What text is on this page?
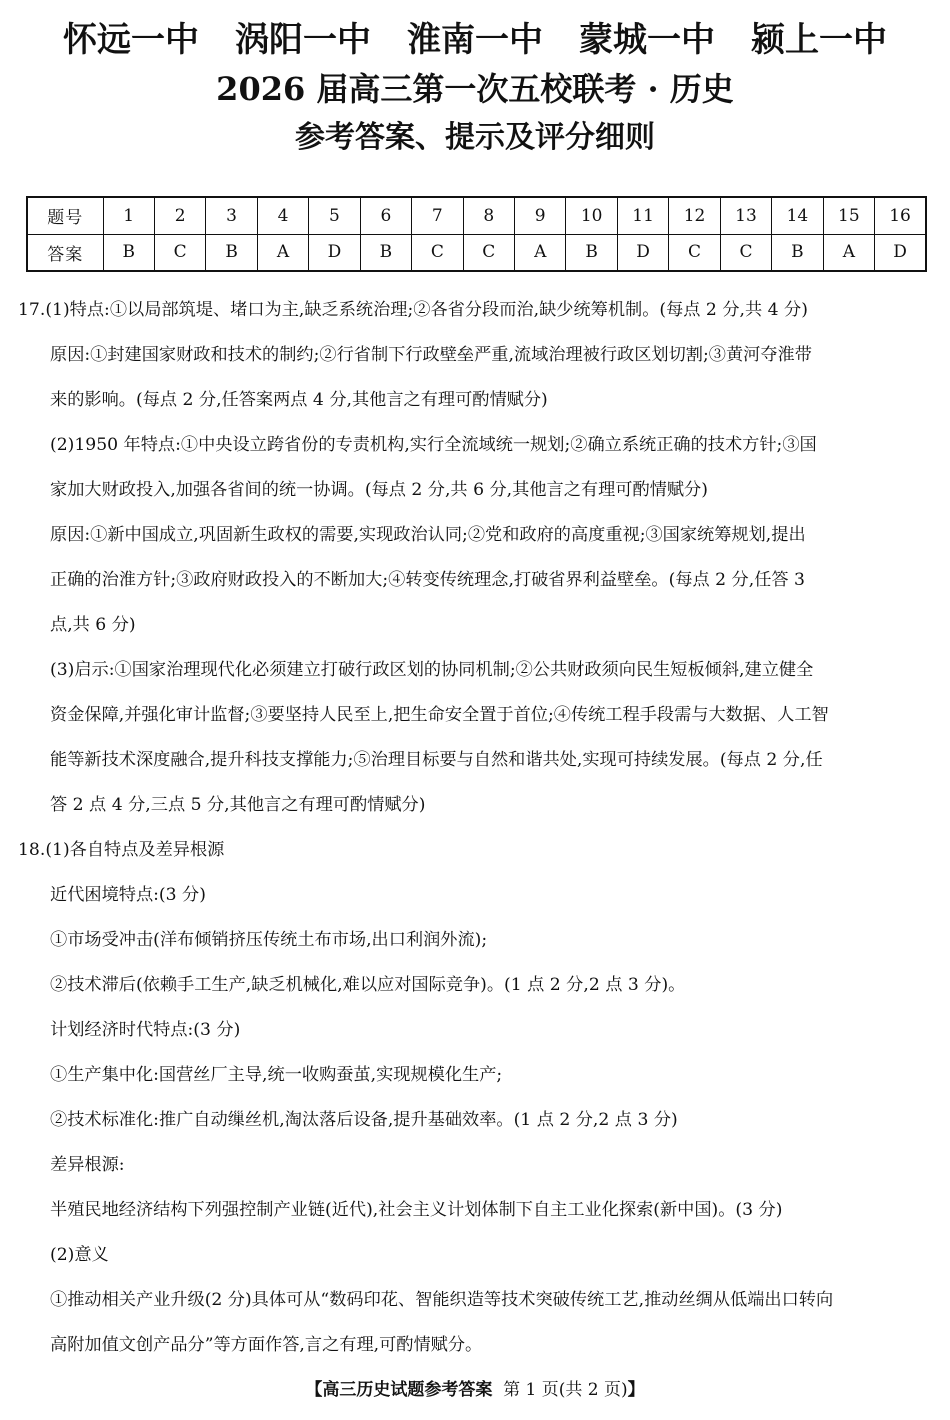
怀远一中 涡阳一中 淮南一中 蒙城一中 颍上一中
2026 届高三第一次五校联考 · 历史
参考答案、提示及评分细则
题号	1	2	3	4	5	6	7	8	9	10	11	12	13	14	15	16
答案	B	C	B	A	D	B	C	C	A	B	D	C	C	B	A	D

17.(1)特点:①以局部筑堤、堵口为主,缺乏系统治理;②各省分段而治,缺少统筹机制。(每点 2 分,共 4 分)

原因:①封建国家财政和技术的制约;②行省制下行政壁垒严重,流域治理被行政区划切割;③黄河夺淮带

来的影响。(每点 2 分,任答案两点 4 分,其他言之有理可酌情赋分)

(2)1950 年特点:①中央设立跨省份的专责机构,实行全流域统一规划;②确立系统正确的技术方针;③国

家加大财政投入,加强各省间的统一协调。(每点 2 分,共 6 分,其他言之有理可酌情赋分)

原因:①新中国成立,巩固新生政权的需要,实现政治认同;②党和政府的高度重视;③国家统筹规划,提出

正确的治淮方针;③政府财政投入的不断加大;④转变传统理念,打破省界利益壁垒。(每点 2 分,任答 3

点,共 6 分)

(3)启示:①国家治理现代化必须建立打破行政区划的协同机制;②公共财政须向民生短板倾斜,建立健全

资金保障,并强化审计监督;③要坚持人民至上,把生命安全置于首位;④传统工程手段需与大数据、人工智

能等新技术深度融合,提升科技支撑能力;⑤治理目标要与自然和谐共处,实现可持续发展。(每点 2 分,任

答 2 点 4 分,三点 5 分,其他言之有理可酌情赋分)

18.(1)各自特点及差异根源

近代困境特点:(3 分)

①市场受冲击(洋布倾销挤压传统土布市场,出口利润外流);

②技术滞后(依赖手工生产,缺乏机械化,难以应对国际竞争)。(1 点 2 分,2 点 3 分)。

计划经济时代特点:(3 分)

①生产集中化:国营丝厂主导,统一收购蚕茧,实现规模化生产;

②技术标准化:推广自动缫丝机,淘汰落后设备,提升基础效率。(1 点 2 分,2 点 3 分)

差异根源:

半殖民地经济结构下列强控制产业链(近代),社会主义计划体制下自主工业化探索(新中国)。(3 分)

(2)意义

①推动相关产业升级(2 分)具体可从“数码印花、智能织造等技术突破传统工艺,推动丝绸从低端出口转向

高附加值文创产品分”等方面作答,言之有理,可酌情赋分。

【高三历史试题参考答案 第 1 页(共 2 页)】
